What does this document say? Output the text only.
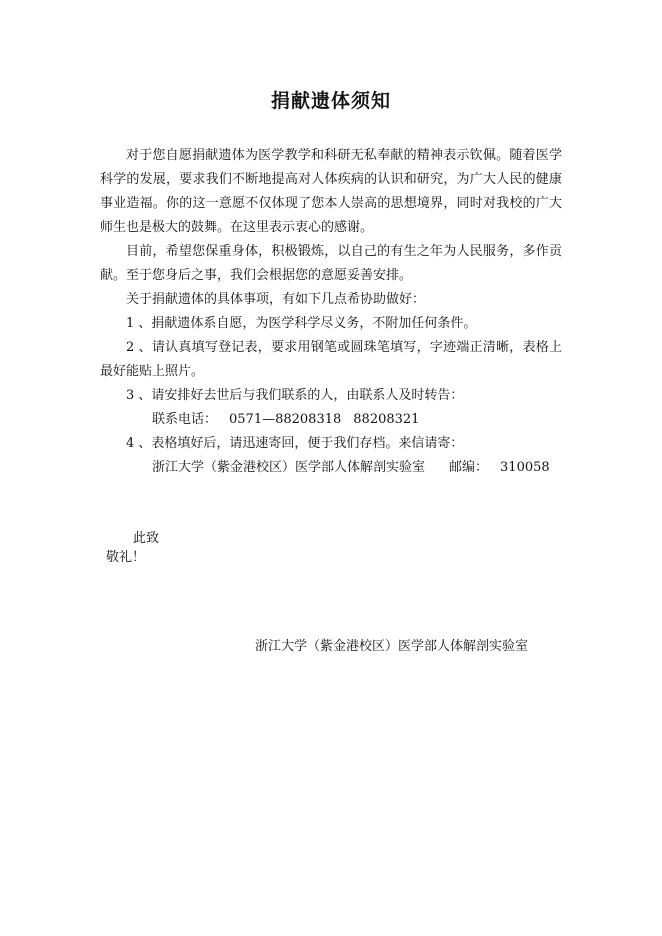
捐献遗体须知

对于您自愿捐献遗体为医学教学和科研无私奉献的精神表示钦佩。随着医学科学的发展，要求我们不断地提高对人体疾病的认识和研究，为广大人民的健康事业造福。你的这一意愿不仅体现了您本人崇高的思想境界，同时对我校的广大师生也是极大的鼓舞。在这里表示衷心的感谢。

目前，希望您保重身体，积极锻炼，以自己的有生之年为人民服务，多作贡献。至于您身后之事，我们会根据您的意愿妥善安排。

关于捐献遗体的具体事项，有如下几点希协助做好：

1 、捐献遗体系自愿，为医学科学尽义务，不附加任何条件。

2 、请认真填写登记表，要求用钢笔或圆珠笔填写，字迹端正清晰，表格上最好能贴上照片。

3 、请安排好去世后与我们联系的人，由联系人及时转告：

联系电话： 0571—88208318 88208321

4 、表格填好后，请迅速寄回，便于我们存档。来信请寄：

浙江大学（紫金港校区）医学部人体解剖实验室 邮编： 310058

此致
敬礼！
浙江大学（紫金港校区）医学部人体解剖实验室
